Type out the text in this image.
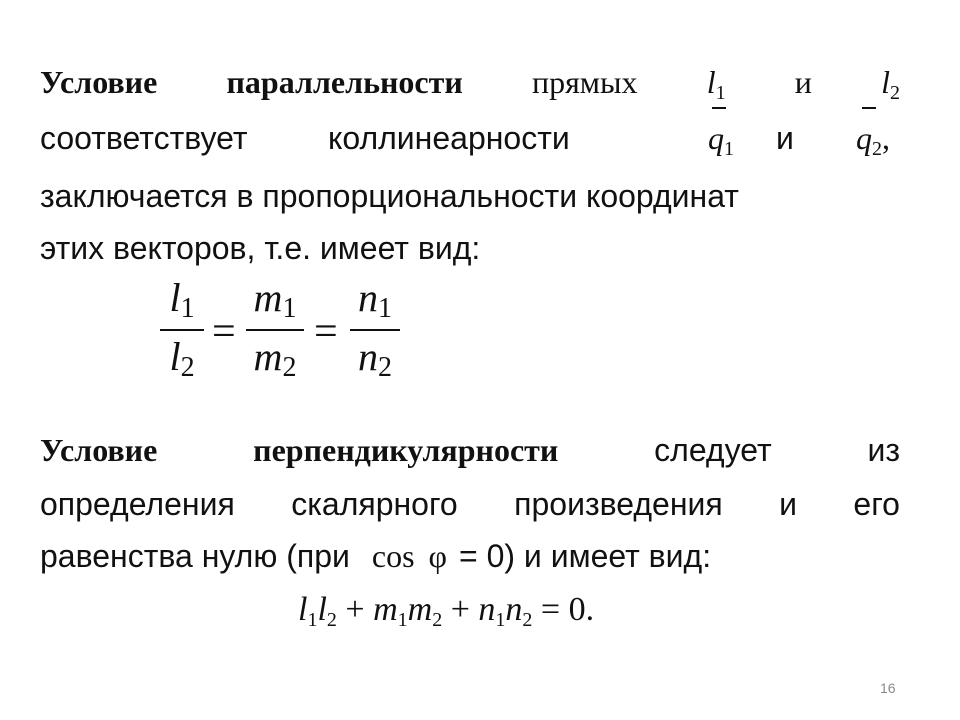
Условие параллельности прямых l1 и l2
соответствует	коллинеарности	q1 и q2,
заключается в пропорциональности координат
этих векторов, т.е. имеет вид:
l1
l2
=
m1
m2
=
n1
n2
Условие	перпендикулярности	следует	из
определения скалярного произведения и его
равенства нулю (при cos φ = 0) и имеет вид:
l1l2 + m1m2 + n1n2 = 0.
16
